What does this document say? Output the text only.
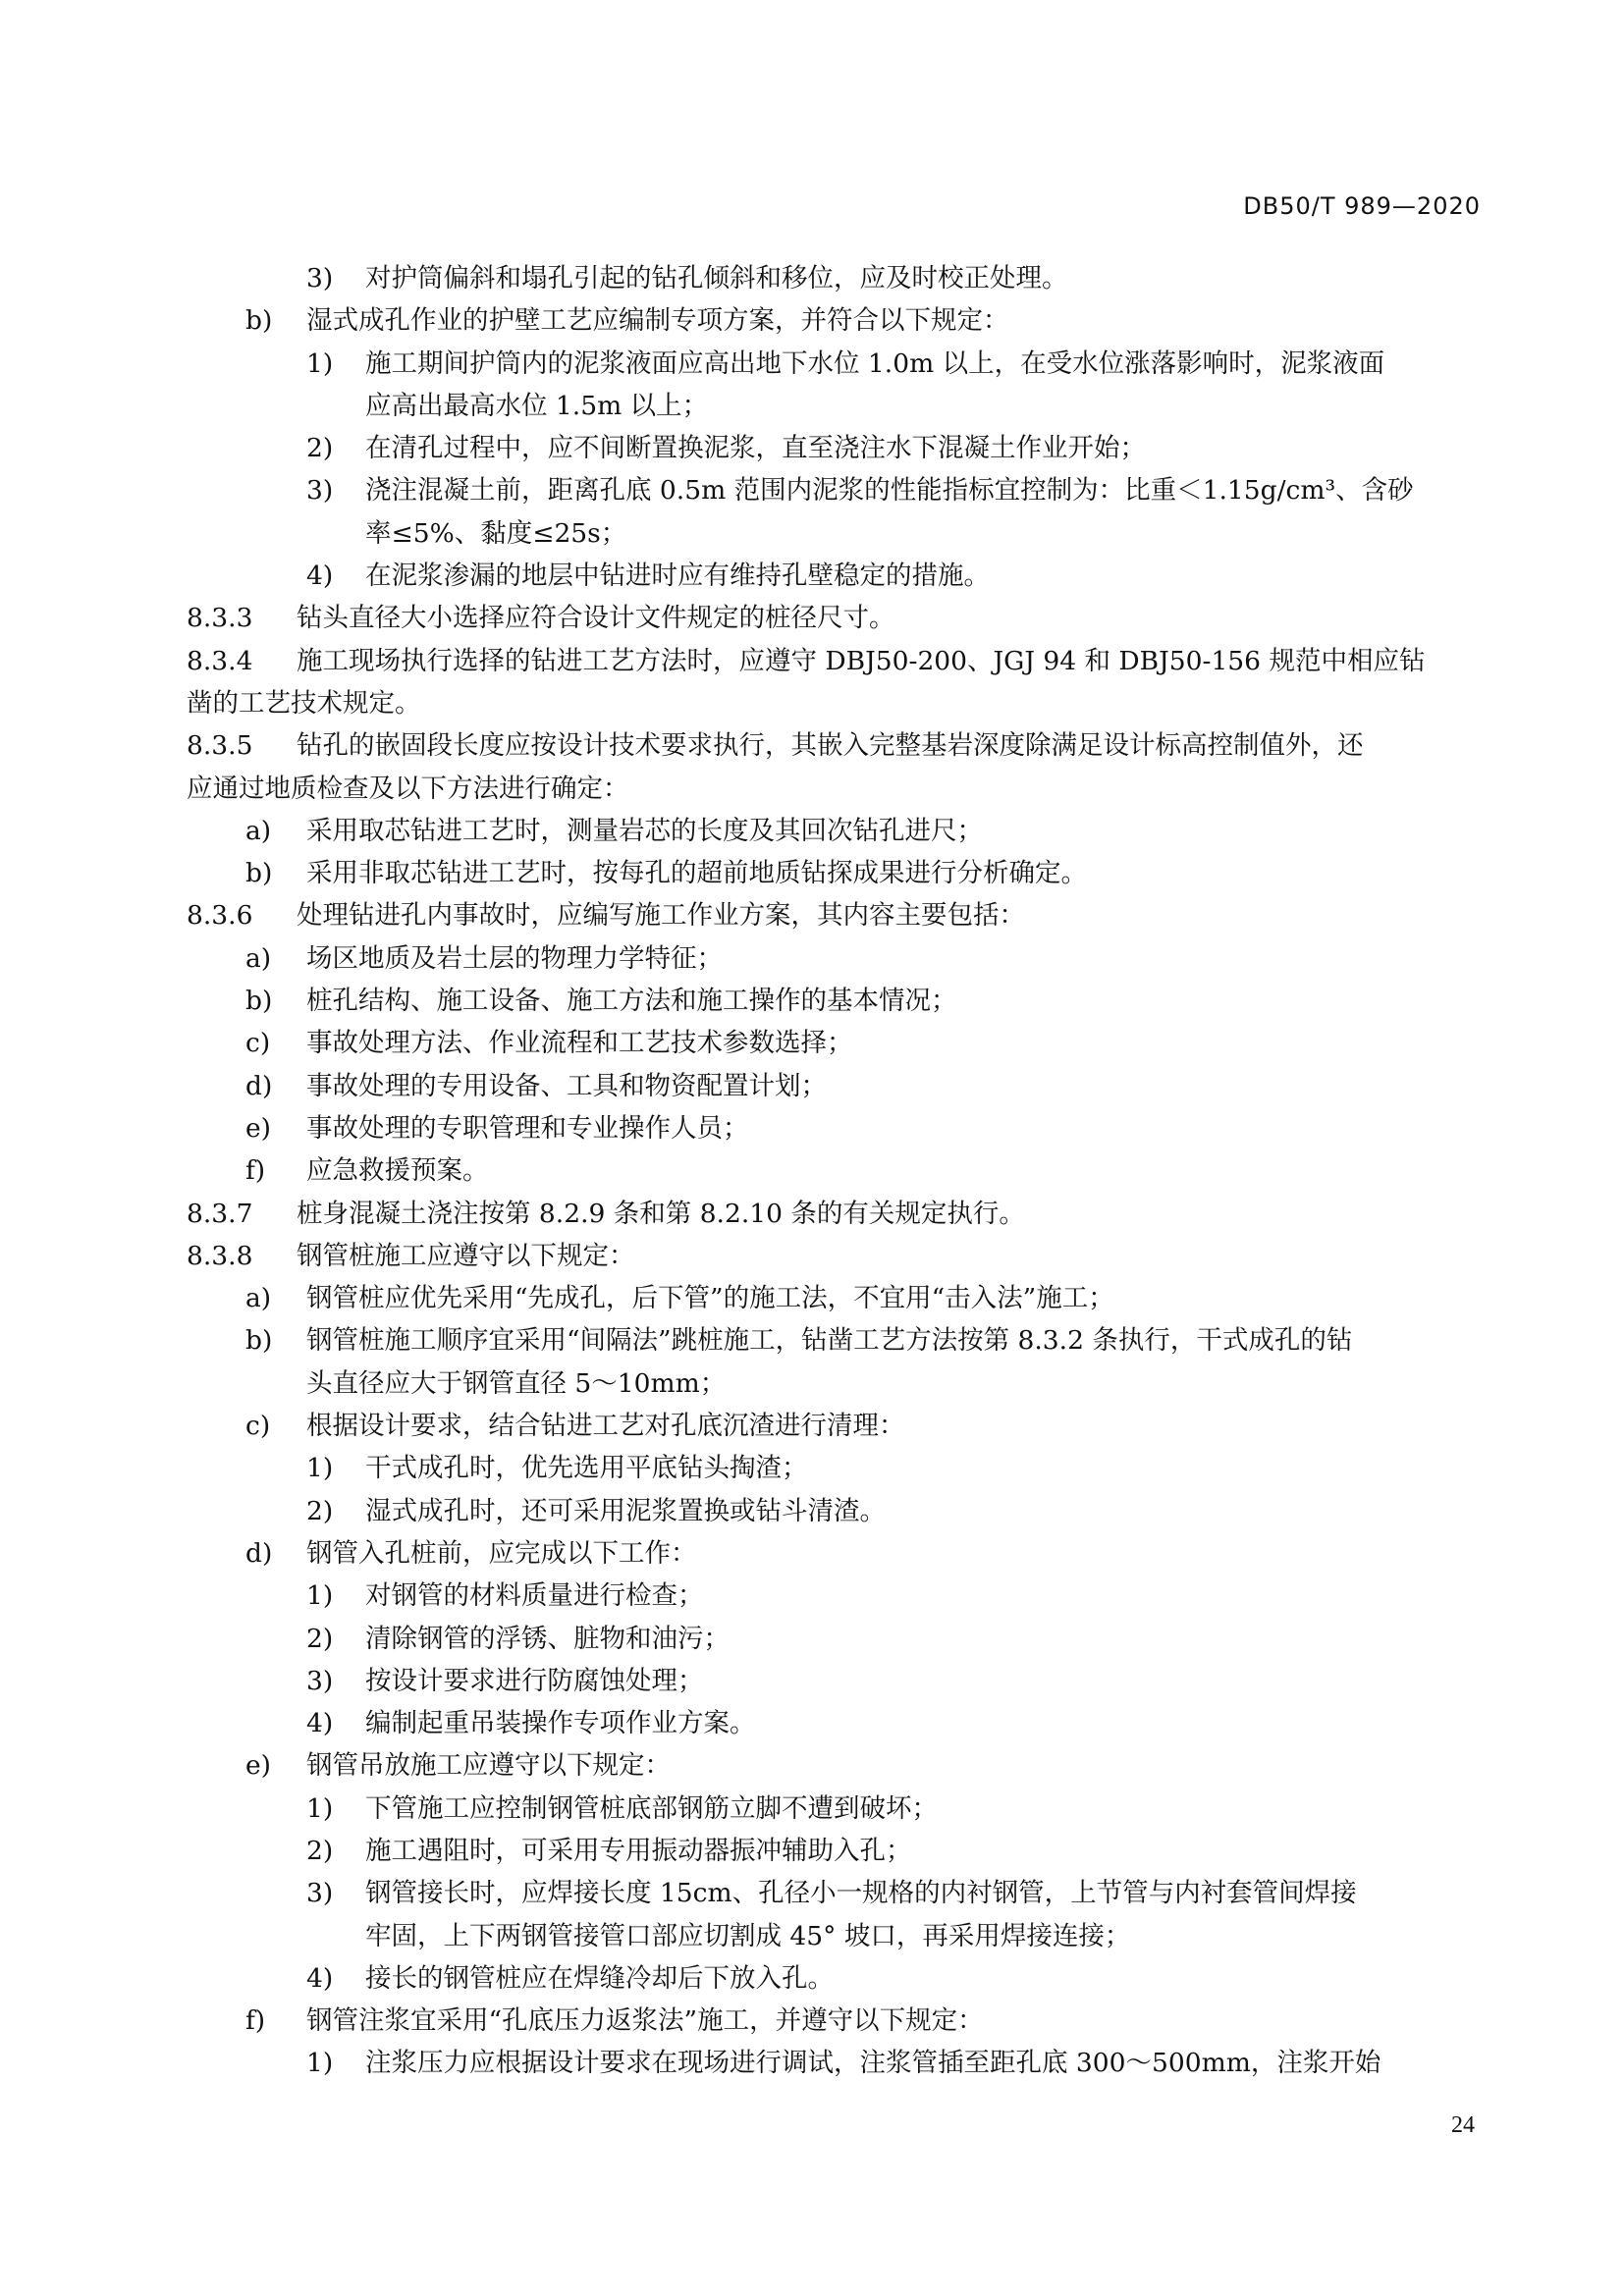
DB50/T 989—2020
3) 对护筒偏斜和塌孔引起的钻孔倾斜和移位，应及时校正处理。
b) 湿式成孔作业的护壁工艺应编制专项方案，并符合以下规定：
1) 施工期间护筒内的泥浆液面应高出地下水位 1.0m 以上，在受水位涨落影响时，泥浆液面
应高出最高水位 1.5m 以上；
2) 在清孔过程中，应不间断置换泥浆，直至浇注水下混凝土作业开始；
3) 浇注混凝土前，距离孔底 0.5m 范围内泥浆的性能指标宜控制为：比重＜1.15g/cm³、含砂
率≤5%、黏度≤25s；
4) 在泥浆渗漏的地层中钻进时应有维持孔壁稳定的措施。
8.3.3 钻头直径大小选择应符合设计文件规定的桩径尺寸。
8.3.4 施工现场执行选择的钻进工艺方法时，应遵守 DBJ50-200、JGJ 94 和 DBJ50-156 规范中相应钻
凿的工艺技术规定。
8.3.5 钻孔的嵌固段长度应按设计技术要求执行，其嵌入完整基岩深度除满足设计标高控制值外，还
应通过地质检查及以下方法进行确定：
a) 采用取芯钻进工艺时，测量岩芯的长度及其回次钻孔进尺；
b) 采用非取芯钻进工艺时，按每孔的超前地质钻探成果进行分析确定。
8.3.6 处理钻进孔内事故时，应编写施工作业方案，其内容主要包括：
a) 场区地质及岩土层的物理力学特征；
b) 桩孔结构、施工设备、施工方法和施工操作的基本情况；
c) 事故处理方法、作业流程和工艺技术参数选择；
d) 事故处理的专用设备、工具和物资配置计划；
e) 事故处理的专职管理和专业操作人员；
f) 应急救援预案。
8.3.7 桩身混凝土浇注按第 8.2.9 条和第 8.2.10 条的有关规定执行。
8.3.8 钢管桩施工应遵守以下规定：
a) 钢管桩应优先采用“先成孔，后下管”的施工法，不宜用“击入法”施工；
b) 钢管桩施工顺序宜采用“间隔法”跳桩施工，钻凿工艺方法按第 8.3.2 条执行，干式成孔的钻
头直径应大于钢管直径 5～10mm；
c) 根据设计要求，结合钻进工艺对孔底沉渣进行清理：
1) 干式成孔时，优先选用平底钻头掏渣；
2) 湿式成孔时，还可采用泥浆置换或钻斗清渣。
d) 钢管入孔桩前，应完成以下工作：
1) 对钢管的材料质量进行检查；
2) 清除钢管的浮锈、脏物和油污；
3) 按设计要求进行防腐蚀处理；
4) 编制起重吊装操作专项作业方案。
e) 钢管吊放施工应遵守以下规定：
1) 下管施工应控制钢管桩底部钢筋立脚不遭到破坏；
2) 施工遇阻时，可采用专用振动器振冲辅助入孔；
3) 钢管接长时，应焊接长度 15cm、孔径小一规格的内衬钢管，上节管与内衬套管间焊接
牢固，上下两钢管接管口部应切割成 45° 坡口，再采用焊接连接；
4) 接长的钢管桩应在焊缝冷却后下放入孔。
f) 钢管注浆宜采用“孔底压力返浆法”施工，并遵守以下规定：
1) 注浆压力应根据设计要求在现场进行调试，注浆管插至距孔底 300～500mm，注浆开始
24
